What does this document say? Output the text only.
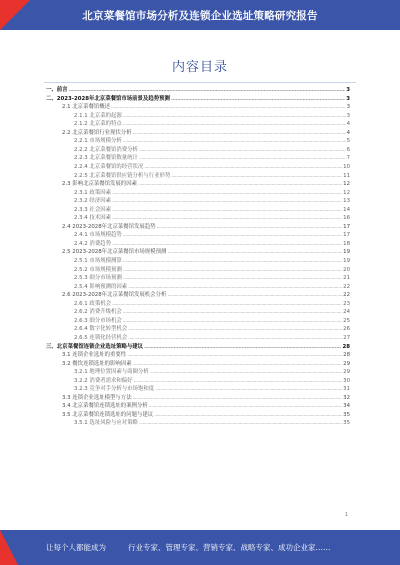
北京菜餐馆市场分析及连锁企业选址策略研究报告
内容目录
一、前言 .....	3
二、2023-2028年北京菜餐馆市场前景及趋势预测 .....	3
2.1 北京菜餐馆概述 .....	3
2.1.1 北京菜的起源 .....	3
2.1.2 北京菜的特点 .....	4
2.2 北京菜餐馆行业现状分析 .....	4
2.2.1 市场规模分析 .....	5
2.2.2 北京菜餐馆消费分析 .....	6
2.2.3 北京菜餐馆数量统计 .....	7
2.2.4 北京菜餐馆的经营状况 .....	10
2.2.5 北京菜餐馆供应链分析与行业形势 .....	11
2.3 影响北京菜餐馆发展的因素 .....	12
2.3.1 政策因素 .....	12
2.3.2 经济因素 .....	13
2.3.3 社会因素 .....	14
2.3.4 技术因素 .....	16
2.4 2023-2028年北京菜餐馆发展趋势 .....	17
2.4.1 市场规模趋势 .....	17
2.4.2 消费趋势 .....	18
2.5 2023-2028年北京菜餐馆市场规模预测 .....	19
2.5.1 市场规模测算 .....	19
2.5.2 市场规模预测 .....	20
2.5.3 细分市场预测 .....	21
2.5.4 影响预测的因素 .....	22
2.6 2023-2028年北京菜餐馆发展机会分析 .....	22
2.6.1 政策机会 .....	23
2.6.2 消费升级机会 .....	24
2.6.3 细分市场机会 .....	25
2.6.4 数字化转型机会 .....	26
2.6.5 连锁化经营机会 .....	27
三、北京菜餐馆连锁企业选址策略与建议 .....	28
3.1 连锁企业选址的重要性 .....	28
3.2 餐饮连锁选址的影响因素 .....	29
3.2.1 地理位置因素与商圈分析 .....	29
3.2.2 消费者需求和偏好 .....	30
3.2.3 竞争对手分析与市场饱和度 .....	31
3.3 连锁企业选址模型与方法 .....	32
3.4 北京菜餐馆连锁选址的案例分析 .....	34
3.5 北京菜餐馆连锁选址的问题与建议 .....	35
3.5.1 选址风险与应对策略 .....	35
1
让每个人都能成为	行业专家、管理专家、营销专家、战略专家、成功企业家……
